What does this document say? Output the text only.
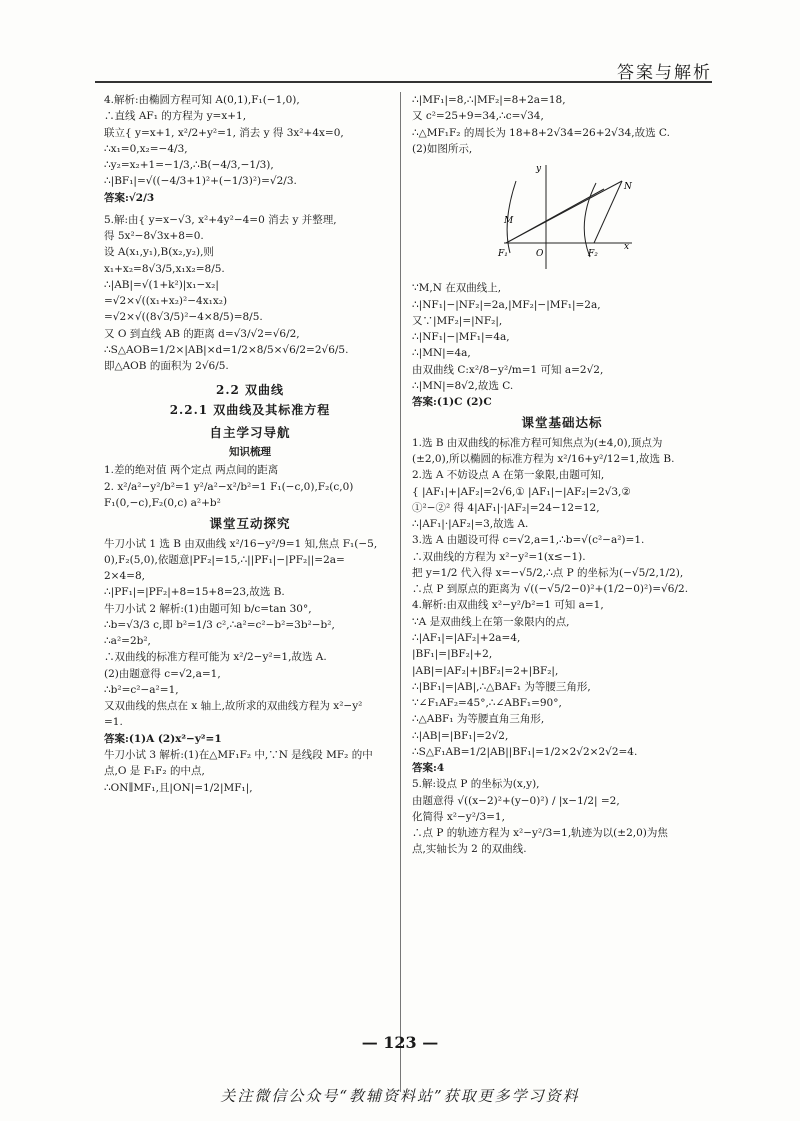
答案与解析
4.解析:由椭圆方程可知 A(0,1),F₁(−1,0),
∴直线 AF₁ 的方程为 y=x+1,
联立{ y=x+1, x²/2+y²=1, 消去 y 得 3x²+4x=0,
∴x₁=0,x₂=−4/3,
∴y₂=x₂+1=−1/3,∴B(−4/3,−1/3),
∴|BF₁|=√((−4/3+1)²+(−1/3)²)=√2/3.
答案:√2/3
5.解:由{ y=x−√3, x²+4y²−4=0 消去 y 并整理,
得 5x²−8√3x+8=0.
设 A(x₁,y₁),B(x₂,y₂),则
x₁+x₂=8√3/5,x₁x₂=8/5.
∴|AB|=√(1+k²)|x₁−x₂|
=√2×√((x₁+x₂)²−4x₁x₂)
=√2×√((8√3/5)²−4×8/5)=8/5.
又 O 到直线 AB 的距离 d=√3/√2=√6/2,
∴S△AOB=1/2×|AB|×d=1/2×8/5×√6/2=2√6/5.
即△AOB 的面积为 2√6/5.
2.2 双曲线
2.2.1 双曲线及其标准方程
自主学习导航
知识梳理
1.差的绝对值 两个定点 两点间的距离
2. x²/a²−y²/b²=1 y²/a²−x²/b²=1 F₁(−c,0),F₂(c,0)
F₁(0,−c),F₂(0,c) a²+b²
课堂互动探究
牛刀小试 1 选 B 由双曲线 x²/16−y²/9=1 知,焦点 F₁(−5,
0),F₂(5,0),依题意|PF₂|=15,∴||PF₁|−|PF₂||=2a=
2×4=8,
∴|PF₁|=|PF₂|+8=15+8=23,故选 B.
牛刀小试 2 解析:(1)由题可知 b/c=tan 30°,
∴b=√3/3 c,即 b²=1/3 c²,∴a²=c²−b²=3b²−b²,
∴a²=2b²,
∴双曲线的标准方程可能为 x²/2−y²=1,故选 A.
(2)由题意得 c=√2,a=1,
∴b²=c²−a²=1,
又双曲线的焦点在 x 轴上,故所求的双曲线方程为 x²−y²
=1.
答案:(1)A (2)x²−y²=1
牛刀小试 3 解析:(1)在△MF₁F₂ 中,∵N 是线段 MF₂ 的中
点,O 是 F₁F₂ 的中点,
∴ON∥MF₁,且|ON|=1/2|MF₁|,
∴|MF₁|=8,∴|MF₂|=8+2a=18,
又 c²=25+9=34,∴c=√34,
∴△MF₁F₂ 的周长为 18+8+2√34=26+2√34,故选 C.
(2)如图所示,
y
x
N
M
F₁	O	F₂
∵M,N 在双曲线上,
∴|NF₁|−|NF₂|=2a,|MF₂|−|MF₁|=2a,
又∵|MF₂|=|NF₂|,
∴|NF₁|−|MF₁|=4a,
∴|MN|=4a,
由双曲线 C:x²/8−y²/m=1 可知 a=2√2,
∴|MN|=8√2,故选 C.
答案:(1)C (2)C
课堂基础达标
1.选 B 由双曲线的标准方程可知焦点为(±4,0),顶点为
(±2,0),所以椭圆的标准方程为 x²/16+y²/12=1,故选 B.
2.选 A 不妨设点 A 在第一象限,由题可知,
{ |AF₁|+|AF₂|=2√6,① |AF₁|−|AF₂|=2√3,②
①²−②² 得 4|AF₁|·|AF₂|=24−12=12,
∴|AF₁|·|AF₂|=3,故选 A.
3.选 A 由题设可得 c=√2,a=1,∴b=√(c²−a²)=1.
∴双曲线的方程为 x²−y²=1(x≤−1).
把 y=1/2 代入得 x=−√5/2,∴点 P 的坐标为(−√5/2,1/2),
∴点 P 到原点的距离为 √((−√5/2−0)²+(1/2−0)²)=√6/2.
4.解析:由双曲线 x²−y²/b²=1 可知 a=1,
∵A 是双曲线上在第一象限内的点,
∴|AF₁|=|AF₂|+2a=4,
|BF₁|=|BF₂|+2,
|AB|=|AF₂|+|BF₂|=2+|BF₂|,
∴|BF₁|=|AB|,∴△BAF₁ 为等腰三角形,
∵∠F₁AF₂=45°,∴∠ABF₁=90°,
∴△ABF₁ 为等腰直角三角形,
∴|AB|=|BF₁|=2√2,
∴S△F₁AB=1/2|AB||BF₁|=1/2×2√2×2√2=4.
答案:4
5.解:设点 P 的坐标为(x,y),
由题意得 √((x−2)²+(y−0)²) / |x−1/2| =2,
化简得 x²−y²/3=1,
∴点 P 的轨迹方程为 x²−y²/3=1,轨迹为以(±2,0)为焦
点,实轴长为 2 的双曲线.
— 123 —
关注微信公众号“教辅资料站”获取更多学习资料
